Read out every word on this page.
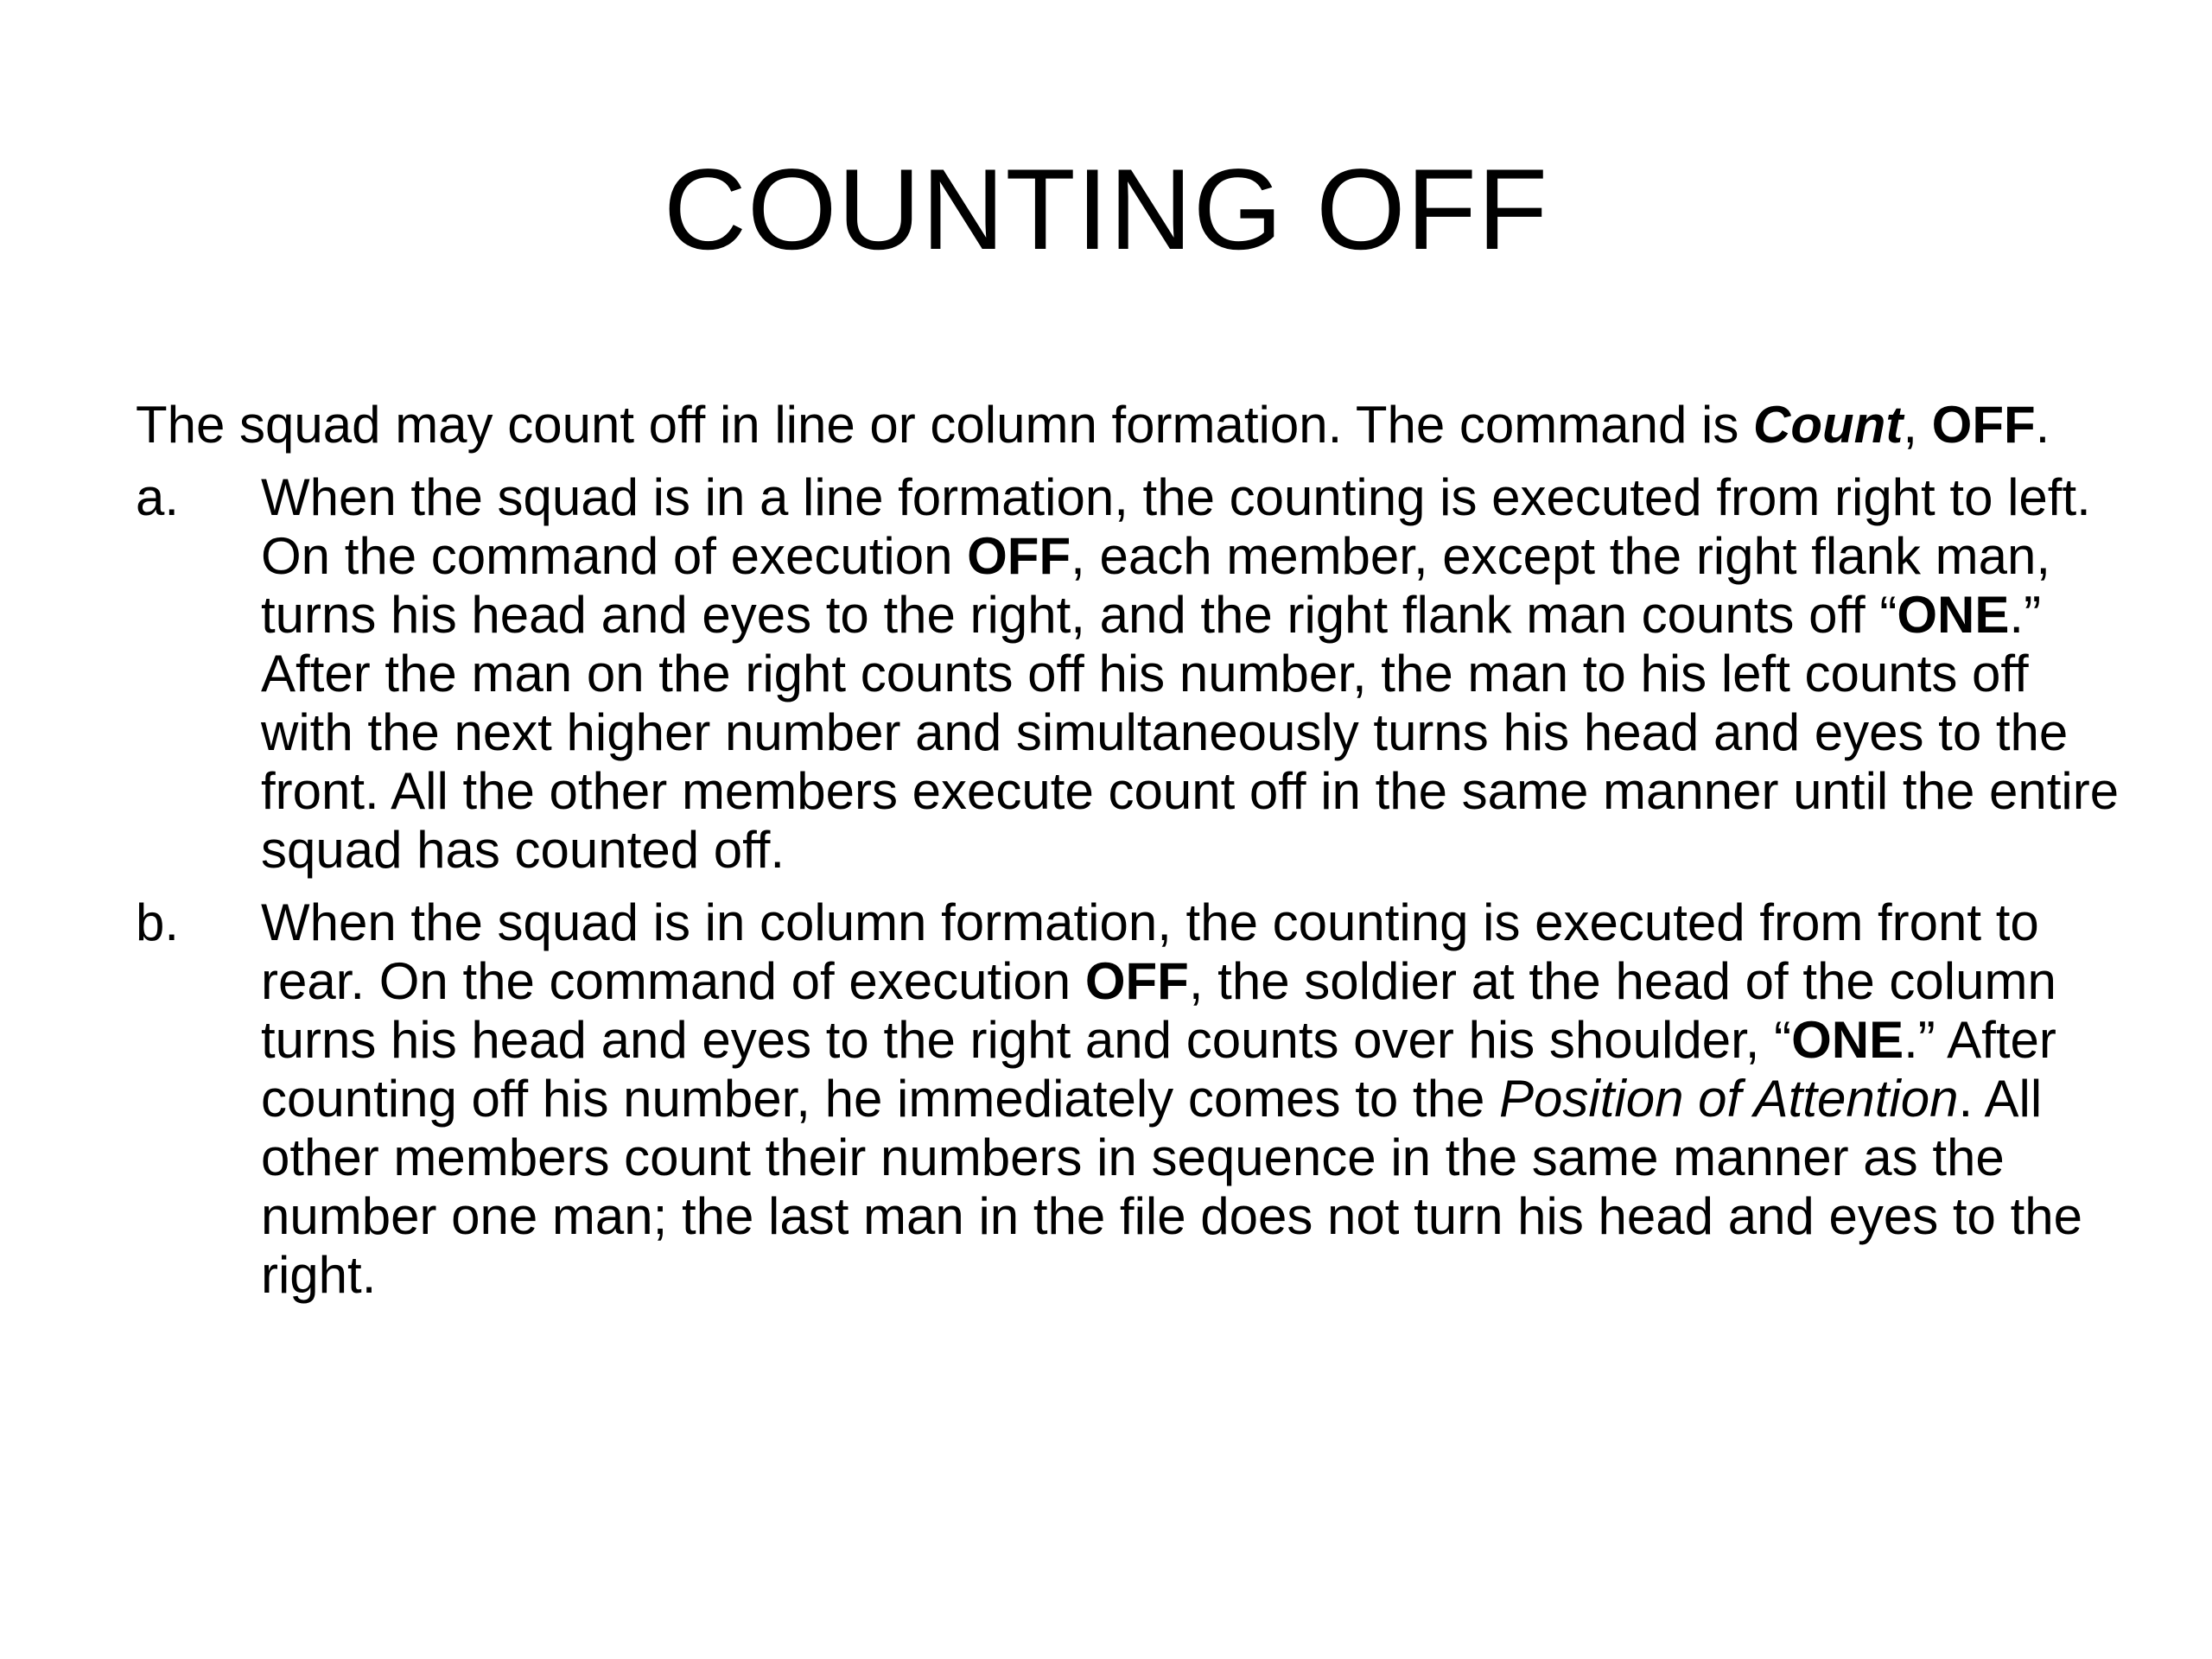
COUNTING OFF

The squad may count off in line or column formation. The command is Count, OFF.

a. When the squad is in a line formation, the counting is executed from right to left. On the command of execution OFF, each member, except the right flank man, turns his head and eyes to the right, and the right flank man counts off “ONE.” After the man on the right counts off his number, the man to his left counts off with the next higher number and simultaneously turns his head and eyes to the front. All the other members execute count off in the same manner until the entire squad has counted off.
b. When the squad is in column formation, the counting is executed from front to rear. On the command of execution OFF, the soldier at the head of the column turns his head and eyes to the right and counts over his shoulder, “ONE.” After counting off his number, he immediately comes to the Position of Attention. All other members count their numbers in sequence in the same manner as the number one man; the last man in the file does not turn his head and eyes to the right.
